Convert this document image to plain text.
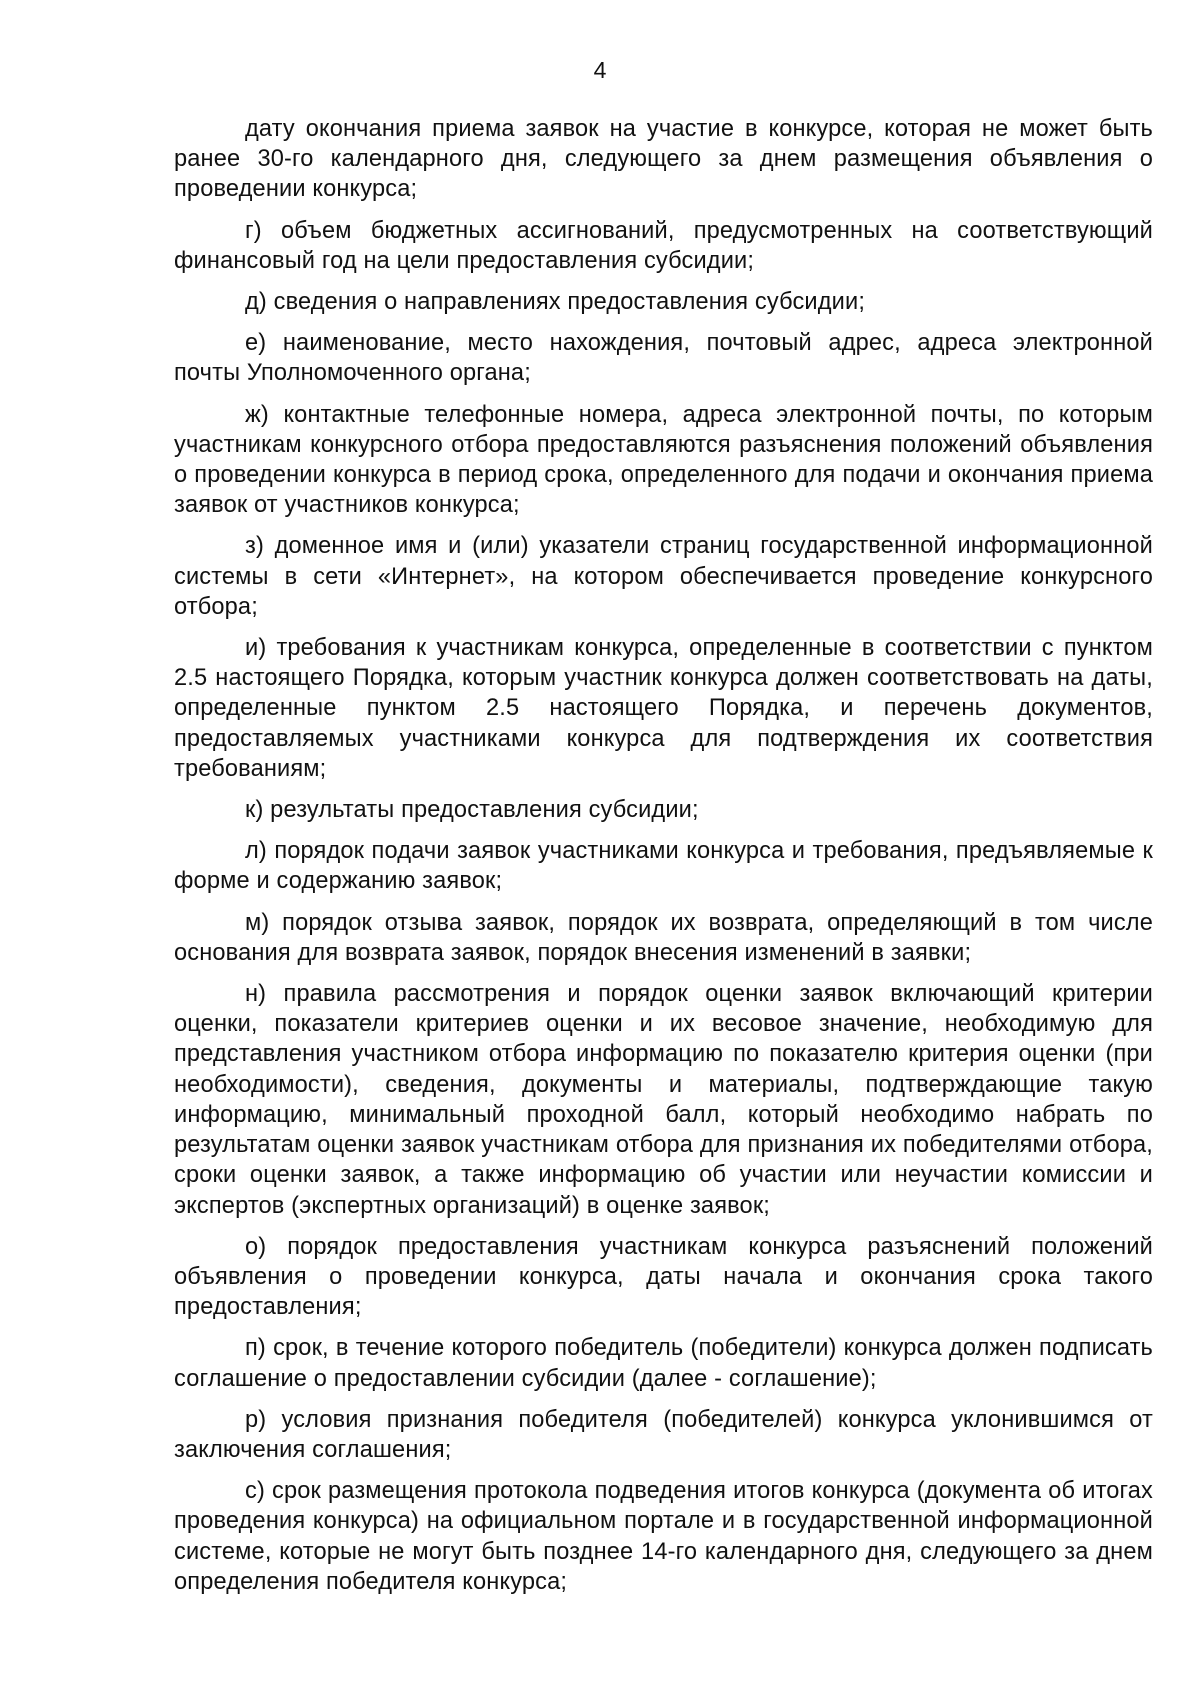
4

дату окончания приема заявок на участие в конкурсе, которая не может быть ранее 30-го календарного дня, следующего за днем размещения объявления о проведении конкурса;

г) объем бюджетных ассигнований, предусмотренных на соответствующий финансовый год на цели предоставления субсидии;

д) сведения о направлениях предоставления субсидии;

е) наименование, место нахождения, почтовый адрес, адреса электронной почты Уполномоченного органа;

ж) контактные телефонные номера, адреса электронной почты, по которым участникам конкурсного отбора предоставляются разъяснения положений объявления о проведении конкурса в период срока, определенного для подачи и окончания приема заявок от участников конкурса;

з) доменное имя и (или) указатели страниц государственной информационной системы в сети «Интернет», на котором обеспечивается проведение конкурсного отбора;

и) требования к участникам конкурса, определенные в соответствии с пунктом 2.5 настоящего Порядка, которым участник конкурса должен соответствовать на даты, определенные пунктом 2.5 настоящего Порядка, и перечень документов, предоставляемых участниками конкурса для подтверждения их соответствия требованиям;

к) результаты предоставления субсидии;

л) порядок подачи заявок участниками конкурса и требования, предъявляемые к форме и содержанию заявок;

м) порядок отзыва заявок, порядок их возврата, определяющий в том числе основания для возврата заявок, порядок внесения изменений в заявки;

н) правила рассмотрения и порядок оценки заявок включающий критерии оценки, показатели критериев оценки и их весовое значение, необходимую для представления участником отбора информацию по показателю критерия оценки (при необходимости), сведения, документы и материалы, подтверждающие такую информацию, минимальный проходной балл, который необходимо набрать по результатам оценки заявок участникам отбора для признания их победителями отбора, сроки оценки заявок, а также информацию об участии или неучастии комиссии и экспертов (экспертных организаций) в оценке заявок;

о) порядок предоставления участникам конкурса разъяснений положений объявления о проведении конкурса, даты начала и окончания срока такого предоставления;

п) срок, в течение которого победитель (победители) конкурса должен подписать соглашение о предоставлении субсидии (далее - соглашение);

р) условия признания победителя (победителей) конкурса уклонившимся от заключения соглашения;

с) срок размещения протокола подведения итогов конкурса (документа об итогах проведения конкурса) на официальном портале и в государственной информационной системе, которые не могут быть позднее 14-го календарного дня, следующего за днем определения победителя конкурса;
